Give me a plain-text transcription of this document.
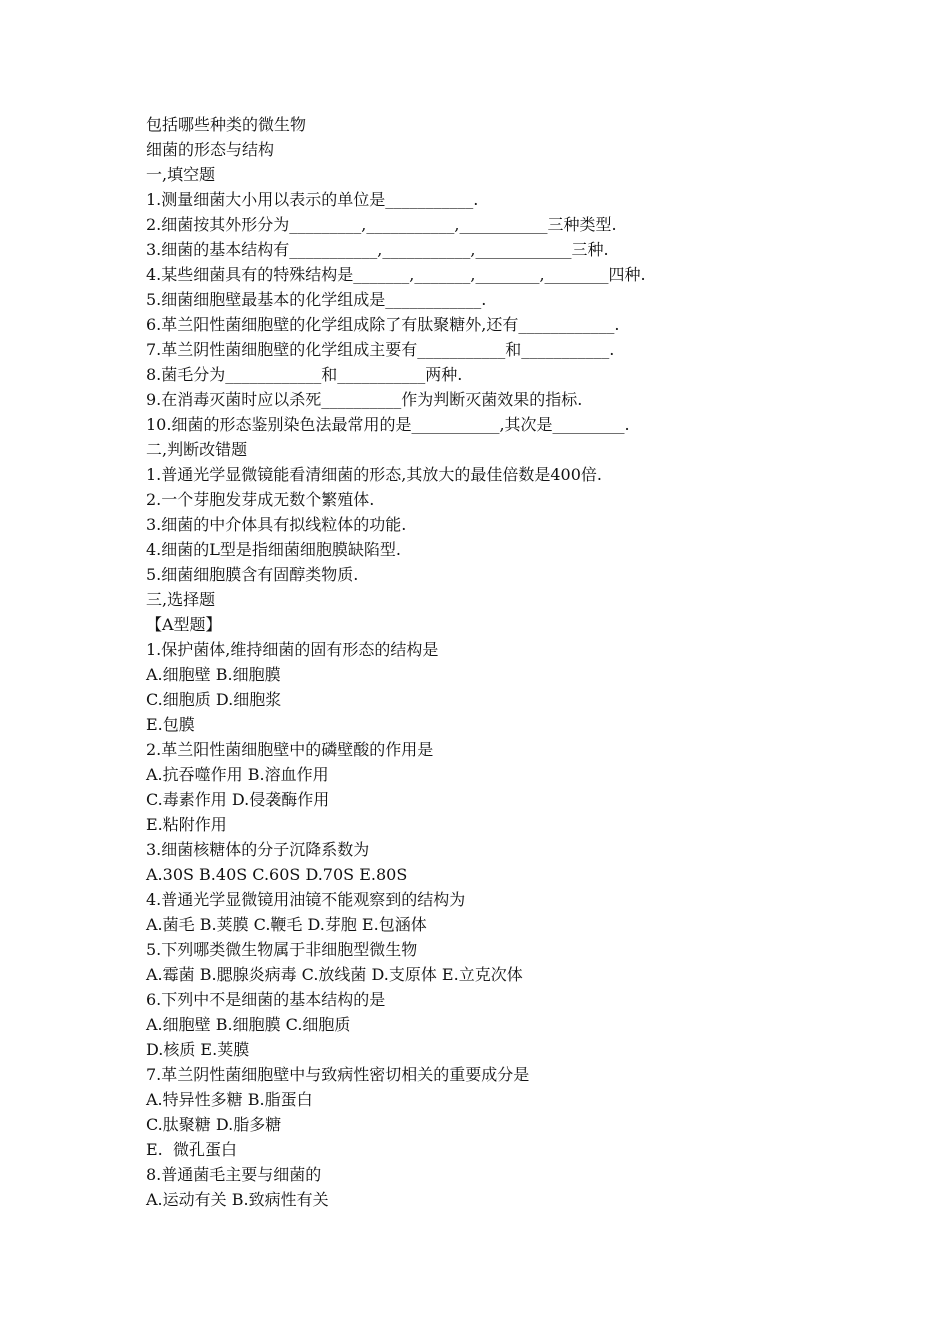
包括哪些种类的微生物
细菌的形态与结构
一,填空题
1.测量细菌大小用以表示的单位是___________.
2.细菌按其外形分为_________,___________,___________三种类型.
3.细菌的基本结构有___________,___________,____________三种.
4.某些细菌具有的特殊结构是_______,_______,________,________四种.
5.细菌细胞壁最基本的化学组成是____________.
6.革兰阳性菌细胞壁的化学组成除了有肽聚糖外,还有____________.
7.革兰阴性菌细胞壁的化学组成主要有___________和___________.
8.菌毛分为____________和___________两种.
9.在消毒灭菌时应以杀死__________作为判断灭菌效果的指标.
10.细菌的形态鉴别染色法最常用的是___________,其次是_________.
二,判断改错题
1.普通光学显微镜能看清细菌的形态,其放大的最佳倍数是400倍.
2.一个芽胞发芽成无数个繁殖体.
3.细菌的中介体具有拟线粒体的功能.
4.细菌的L型是指细菌细胞膜缺陷型.
5.细菌细胞膜含有固醇类物质.
三,选择题
【A型题】
1.保护菌体,维持细菌的固有形态的结构是
A.细胞壁 B.细胞膜
C.细胞质 D.细胞浆
E.包膜
2.革兰阳性菌细胞壁中的磷壁酸的作用是
A.抗吞噬作用 B.溶血作用
C.毒素作用 D.侵袭酶作用
E.粘附作用
3.细菌核糖体的分子沉降系数为
A.30S B.40S C.60S D.70S E.80S
4.普通光学显微镜用油镜不能观察到的结构为
A.菌毛 B.荚膜 C.鞭毛 D.芽胞 E.包涵体
5.下列哪类微生物属于非细胞型微生物
A.霉菌 B.腮腺炎病毒 C.放线菌 D.支原体 E.立克次体
6.下列中不是细菌的基本结构的是
A.细胞壁 B.细胞膜 C.细胞质
D.核质 E.荚膜
7.革兰阴性菌细胞壁中与致病性密切相关的重要成分是
A.特异性多糖 B.脂蛋白
C.肽聚糖 D.脂多糖
E.  微孔蛋白
8.普通菌毛主要与细菌的
A.运动有关 B.致病性有关
